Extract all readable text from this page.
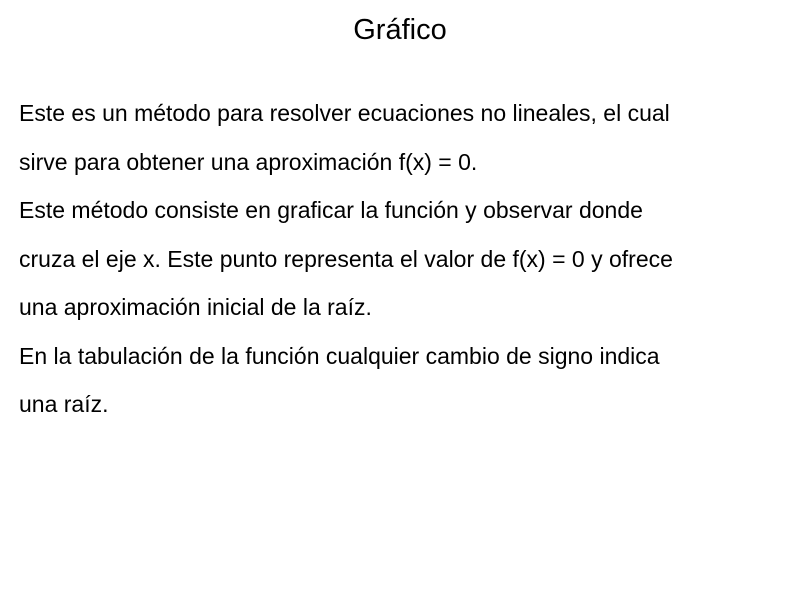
Gráfico
Este es un método para resolver ecuaciones no lineales, el cual
sirve para obtener una aproximación f(x) = 0.
Este método consiste en graficar la función y observar donde
cruza el eje x. Este punto representa el valor de f(x) = 0 y ofrece
una aproximación inicial de la raíz.
En la tabulación de la función cualquier cambio de signo indica
una raíz.
